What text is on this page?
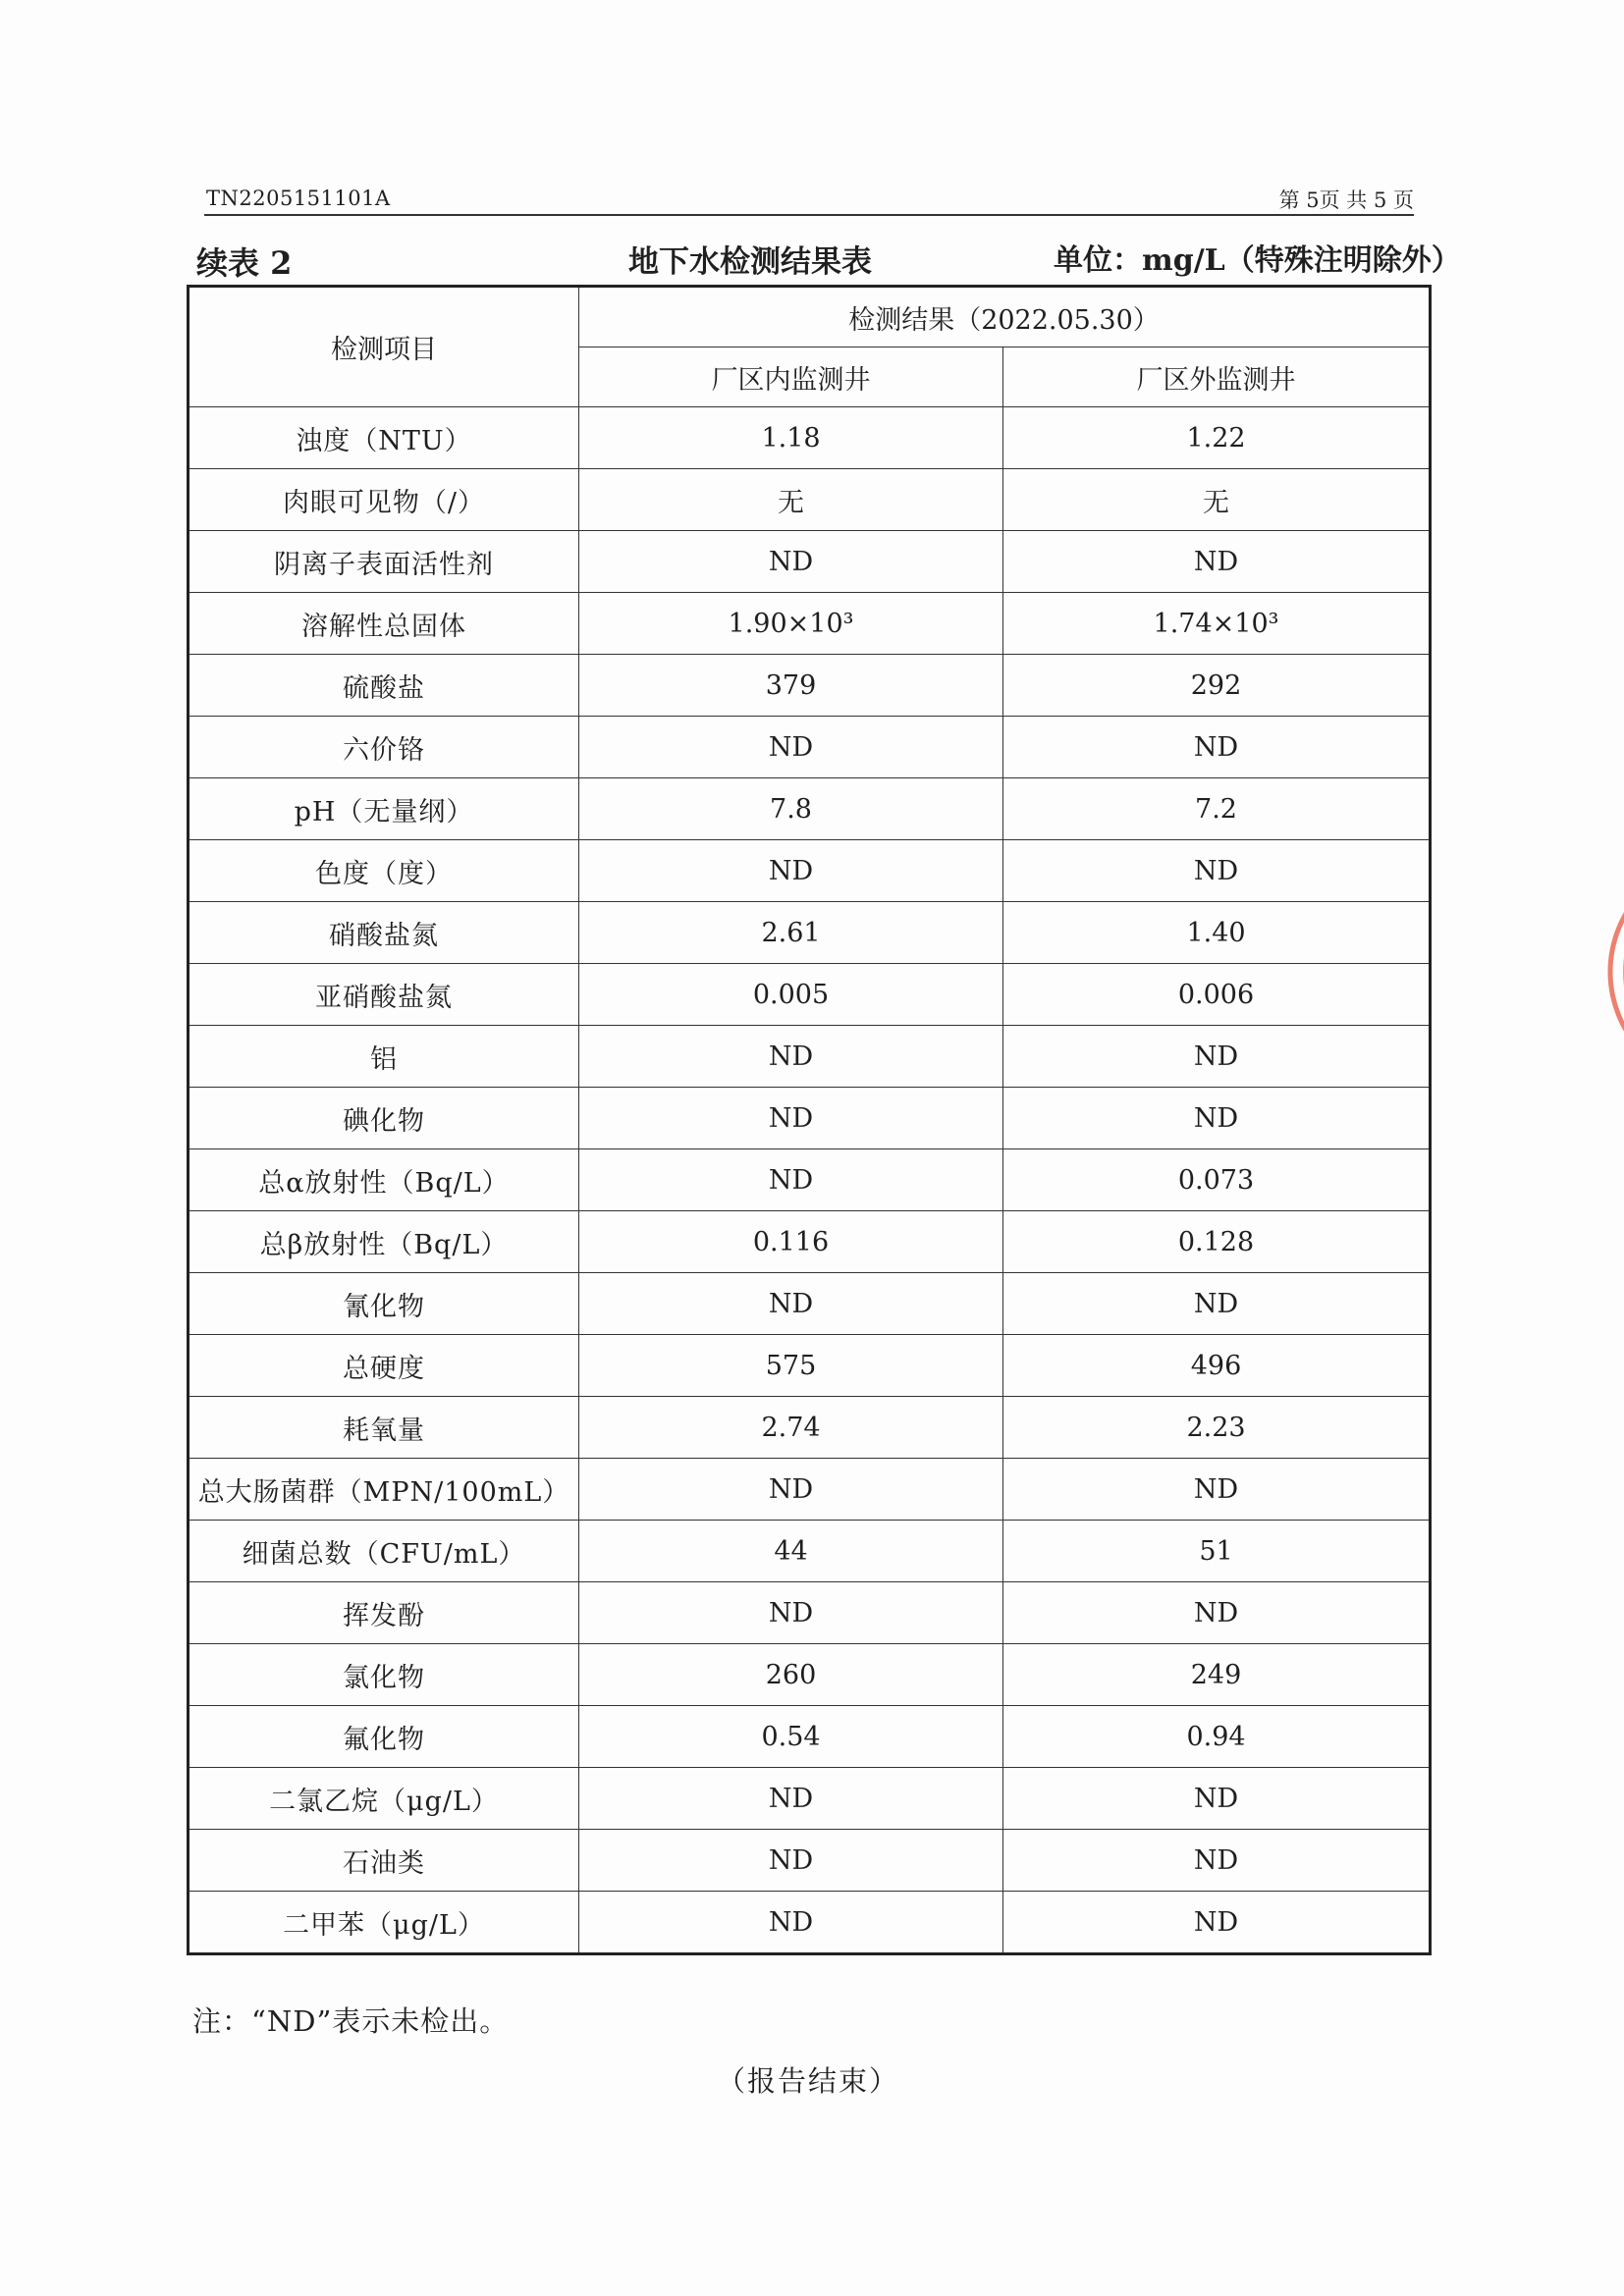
TN2205151101A	第 5页 共 5 页
续表 2	地下水检测结果表	单位：mg/L（特殊注明除外）
检测项目	检测结果（2022.05.30）	
	厂区内监测井	厂区外监测井
浊度（NTU）	1.18	1.22
肉眼可见物（/）	无	无
阴离子表面活性剂	ND	ND
溶解性总固体	1.90×10³	1.74×10³
硫酸盐	379	292
六价铬	ND	ND
pH（无量纲）	7.8	7.2
色度（度）	ND	ND
硝酸盐氮	2.61	1.40
亚硝酸盐氮	0.005	0.006
铝	ND	ND
碘化物	ND	ND
总α放射性（Bq/L）	ND	0.073
总β放射性（Bq/L）	0.116	0.128
氰化物	ND	ND
总硬度	575	496
耗氧量	2.74	2.23
总大肠菌群（MPN/100mL）	ND	ND
细菌总数（CFU/mL）	44	51
挥发酚	ND	ND
氯化物	260	249
氟化物	0.54	0.94
二氯乙烷（μg/L）	ND	ND
石油类	ND	ND
二甲苯（μg/L）	ND	ND
注：“ND”表示未检出。
（报告结束）
